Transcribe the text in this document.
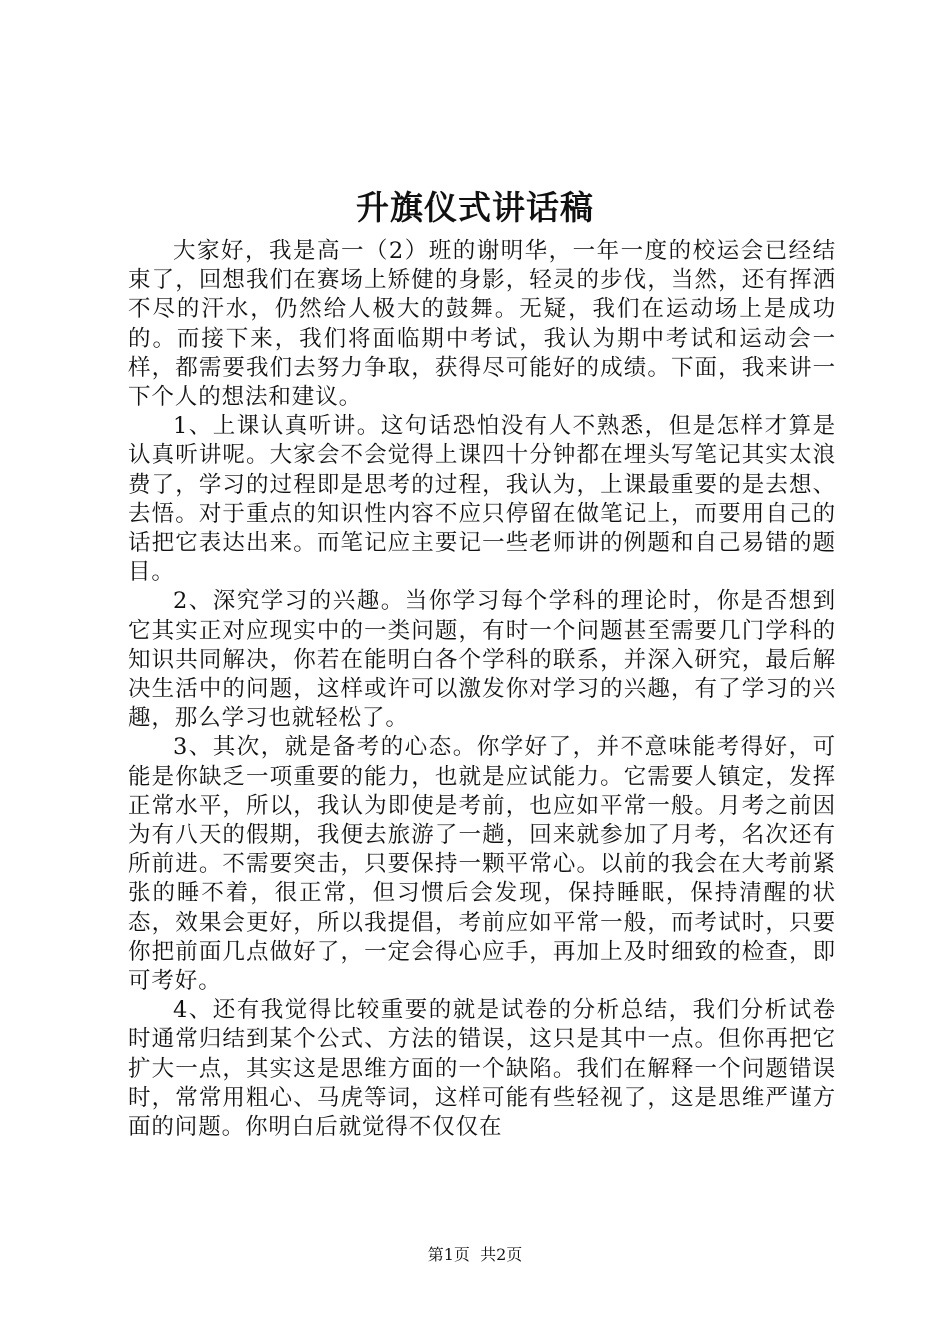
升旗仪式讲话稿

大家好，我是高一（2）班的谢明华，一年一度的校运会已经结束了，回想我们在赛场上矫健的身影，轻灵的步伐，当然，还有挥洒不尽的汗水，仍然给人极大的鼓舞。无疑，我们在运动场上是成功的。而接下来，我们将面临期中考试，我认为期中考试和运动会一样，都需要我们去努力争取，获得尽可能好的成绩。下面，我来讲一下个人的想法和建议。

1、上课认真听讲。这句话恐怕没有人不熟悉，但是怎样才算是认真听讲呢。大家会不会觉得上课四十分钟都在埋头写笔记其实太浪费了，学习的过程即是思考的过程，我认为，上课最重要的是去想、去悟。对于重点的知识性内容不应只停留在做笔记上，而要用自己的话把它表达出来。而笔记应主要记一些老师讲的例题和自己易错的题目。

2、深究学习的兴趣。当你学习每个学科的理论时，你是否想到它其实正对应现实中的一类问题，有时一个问题甚至需要几门学科的知识共同解决，你若在能明白各个学科的联系，并深入研究，最后解决生活中的问题，这样或许可以激发你对学习的兴趣，有了学习的兴趣，那么学习也就轻松了。

3、其次，就是备考的心态。你学好了，并不意味能考得好，可能是你缺乏一项重要的能力，也就是应试能力。它需要人镇定，发挥正常水平，所以，我认为即使是考前，也应如平常一般。月考之前因为有八天的假期，我便去旅游了一趟，回来就参加了月考，名次还有所前进。不需要突击，只要保持一颗平常心。以前的我会在大考前紧张的睡不着，很正常，但习惯后会发现，保持睡眠，保持清醒的状态，效果会更好，所以我提倡，考前应如平常一般，而考试时，只要你把前面几点做好了，一定会得心应手，再加上及时细致的检查，即可考好。

4、还有我觉得比较重要的就是试卷的分析总结，我们分析试卷时通常归结到某个公式、方法的错误，这只是其中一点。但你再把它扩大一点，其实这是思维方面的一个缺陷。我们在解释一个问题错误时，常常用粗心、马虎等词，这样可能有些轻视了，这是思维严谨方面的问题。你明白后就觉得不仅仅在

第1页 共2页
